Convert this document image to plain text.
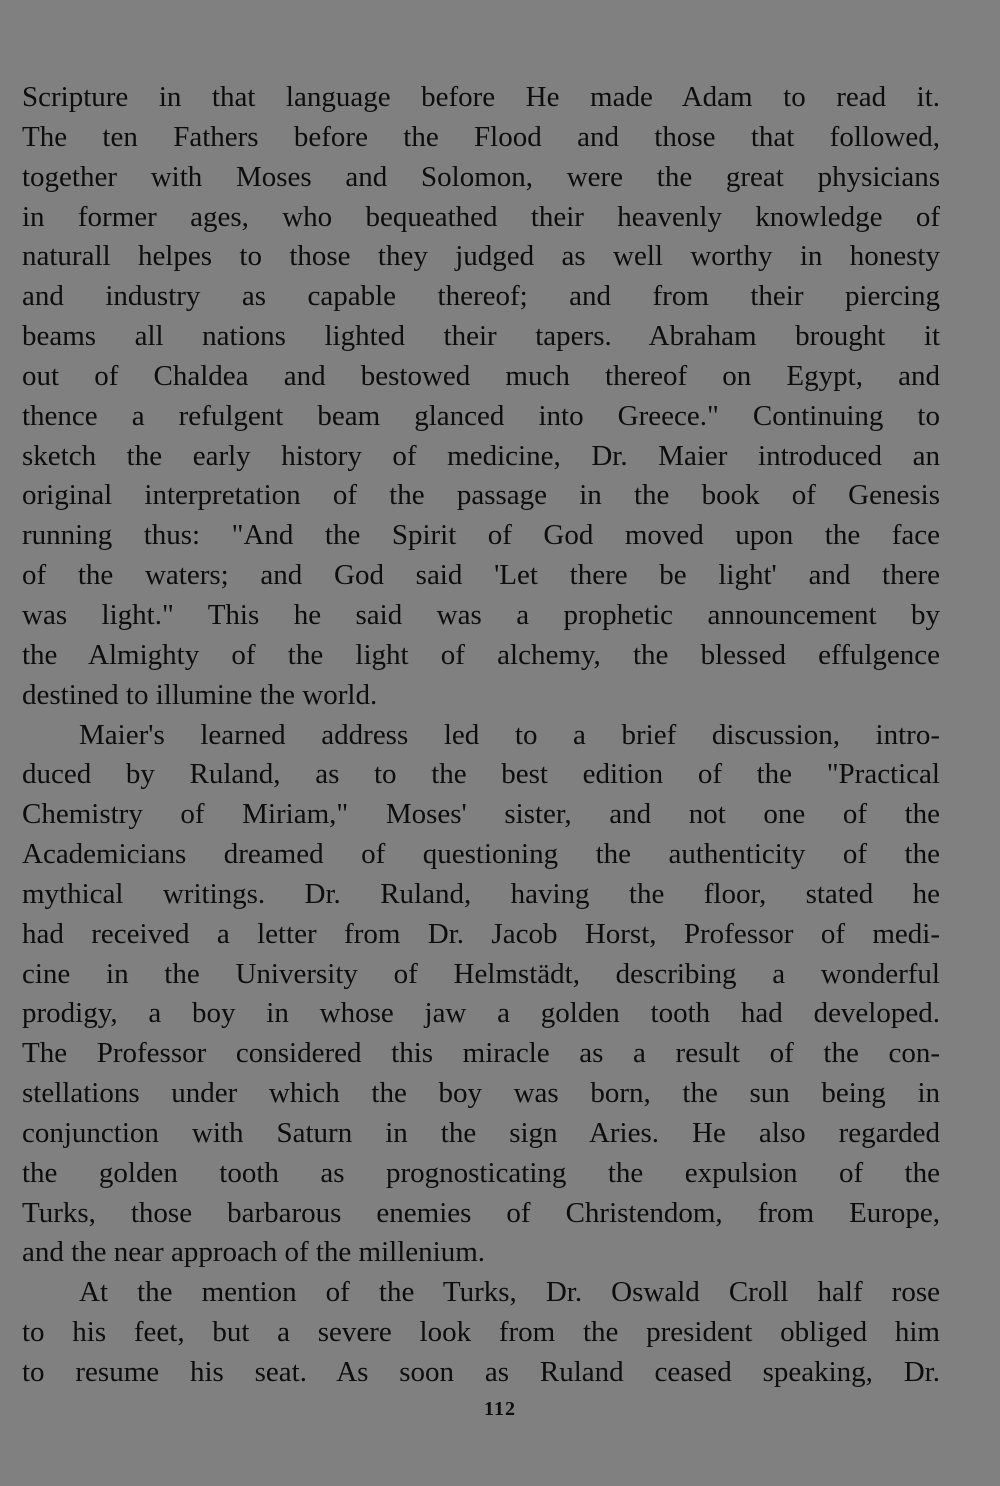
Scripture in that language before He made Adam to read it.
The ten Fathers before the Flood and those that followed,
together with Moses and Solomon, were the great physicians
in former ages, who bequeathed their heavenly knowledge of
naturall helpes to those they judged as well worthy in honesty
and industry as capable thereof; and from their piercing
beams all nations lighted their tapers. Abraham brought it
out of Chaldea and bestowed much thereof on Egypt, and
thence a refulgent beam glanced into Greece." Continuing to
sketch the early history of medicine, Dr. Maier introduced an
original interpretation of the passage in the book of Genesis
running thus: "And the Spirit of God moved upon the face
of the waters; and God said 'Let there be light' and there
was light." This he said was a prophetic announcement by
the Almighty of the light of alchemy, the blessed effulgence
destined to illumine the world.
Maier's learned address led to a brief discussion, intro-
duced by Ruland, as to the best edition of the "Practical
Chemistry of Miriam," Moses' sister, and not one of the
Academicians dreamed of questioning the authenticity of the
mythical writings. Dr. Ruland, having the floor, stated he
had received a letter from Dr. Jacob Horst, Professor of medi-
cine in the University of Helmstädt, describing a wonderful
prodigy, a boy in whose jaw a golden tooth had developed.
The Professor considered this miracle as a result of the con-
stellations under which the boy was born, the sun being in
conjunction with Saturn in the sign Aries. He also regarded
the golden tooth as prognosticating the expulsion of the
Turks, those barbarous enemies of Christendom, from Europe,
and the near approach of the millenium.
At the mention of the Turks, Dr. Oswald Croll half rose
to his feet, but a severe look from the president obliged him
to resume his seat. As soon as Ruland ceased speaking, Dr.
112
